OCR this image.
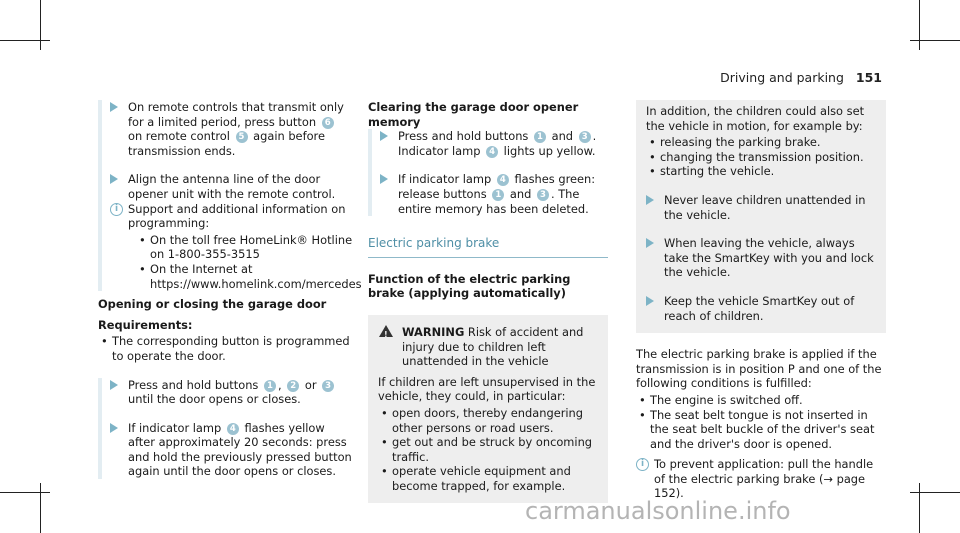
Driving and parking 151
On remote controls that transmit only for a limited period, press button 6 on remote control 5 again before transmission ends.
Align the antenna line of the door opener unit with the remote control.
i Support and additional information on programming:
• On the toll free HomeLink® Hotline on 1-800-355-3515
• On the Internet at https://www.homelink.com/mercedes
Opening or closing the garage door
Requirements:
• The corresponding button is programmed to operate the door.
Press and hold buttons 1 , 2 or 3 until the door opens or closes.
If indicator lamp 4 flashes yellow after approximately 20 seconds: press and hold the previously pressed button again until the door opens or closes.
Clearing the garage door opener memory
Press and hold buttons 1 and 3 . Indicator lamp 4 lights up yellow.
If indicator lamp 4 flashes green: release buttons 1 and 3 . The entire memory has been deleted.
Electric parking brake
Function of the electric parking brake (applying automatically)
! WARNING Risk of accident and injury due to children left unattended in the vehicle
If children are left unsupervised in the vehicle, they could, in particular:
• open doors, thereby endangering other persons or road users.
• get out and be struck by oncoming traffic.
• operate vehicle equipment and become trapped, for example.
In addition, the children could also set the vehicle in motion, for example by:
• releasing the parking brake.
• changing the transmission position.
• starting the vehicle.
Never leave children unattended in the vehicle.
When leaving the vehicle, always take the SmartKey with you and lock the vehicle.
Keep the vehicle SmartKey out of reach of children.
The electric parking brake is applied if the transmission is in position P and one of the following conditions is fulfilled:
• The engine is switched off.
• The seat belt tongue is not inserted in the seat belt buckle of the driver's seat and the driver's door is opened.
i To prevent application: pull the handle of the electric parking brake (→ page 152).
carmanualsonline.info
